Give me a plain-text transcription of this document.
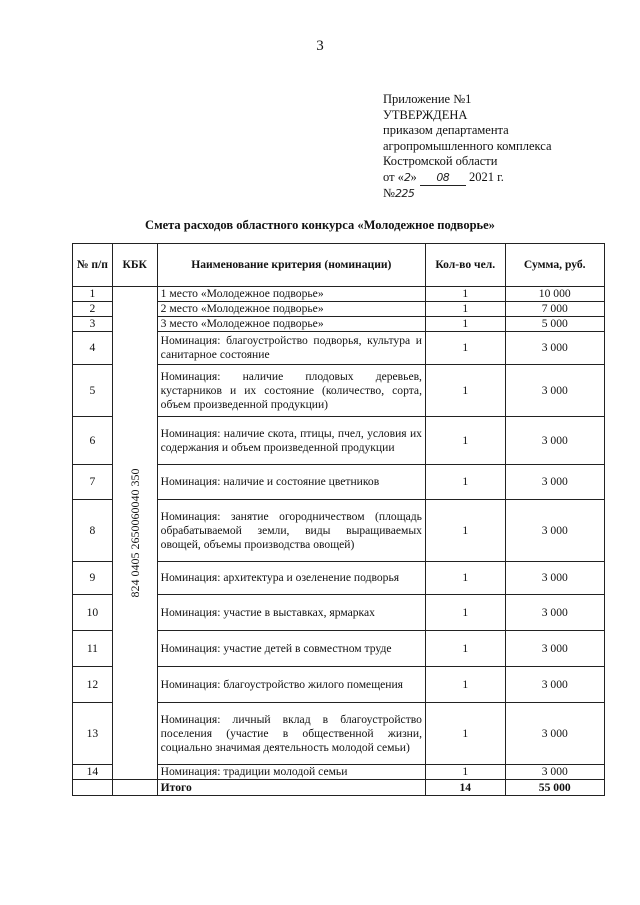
3
Приложение №1
УТВЕРЖДЕНА
приказом департамента
агропромышленного комплекса
Костромской области
от «2» 08 2021 г.
№225
Смета расходов областного конкурса «Молодежное подворье»
№ п/п	КБК	Наименование критерия (номинации)	Кол-во чел.	Сумма, руб.
1	824 0405 2650060040 350	1 место «Молодежное подворье»	1	10 000
2		2 место «Молодежное подворье»	1	7 000
3		3 место «Молодежное подворье»	1	5 000
4		Номинация: благоустройство подворья, культура и санитарное состояние	1	3 000
5		Номинация: наличие плодовых деревьев, кустарников и их состояние (количество, сорта, объем произведенной продукции)	1	3 000
6		Номинация: наличие скота, птицы, пчел, условия их содержания и объем произведенной продукции	1	3 000
7		Номинация: наличие и состояние цветников	1	3 000
8		Номинация: занятие огородничеством (площадь обрабатываемой земли, виды выращиваемых овощей, объемы производства овощей)	1	3 000
9		Номинация: архитектура и озеленение подворья	1	3 000
10		Номинация: участие в выставках, ярмарках	1	3 000
11		Номинация: участие детей в совместном труде	1	3 000
12		Номинация: благоустройство жилого помещения	1	3 000
13		Номинация: личный вклад в благоустройство поселения (участие в общественной жизни, социально значимая деятельность молодой семьи)	1	3 000
14		Номинация: традиции молодой семьи	1	3 000
		Итого	14	55 000
